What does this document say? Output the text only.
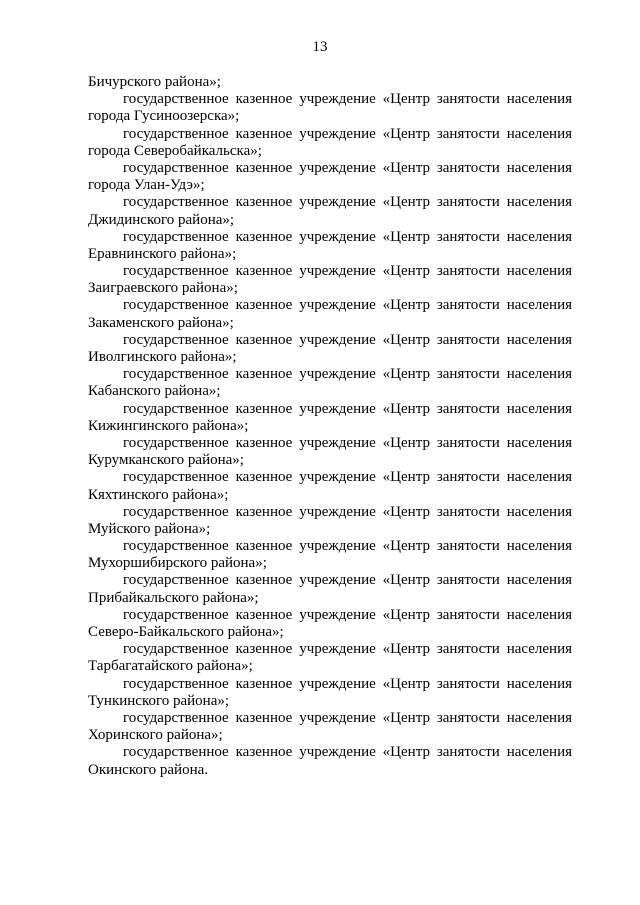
13
Бичурского района»;
государственное казенное учреждение «Центр занятости населения
города Гусиноозерска»;
государственное казенное учреждение «Центр занятости населения
города Северобайкальска»;
государственное казенное учреждение «Центр занятости населения
города Улан-Удэ»;
государственное казенное учреждение «Центр занятости населения
Джидинского района»;
государственное казенное учреждение «Центр занятости населения
Еравнинского района»;
государственное казенное учреждение «Центр занятости населения
Заиграевского района»;
государственное казенное учреждение «Центр занятости населения
Закаменского района»;
государственное казенное учреждение «Центр занятости населения
Иволгинского района»;
государственное казенное учреждение «Центр занятости населения
Кабанского района»;
государственное казенное учреждение «Центр занятости населения
Кижингинского района»;
государственное казенное учреждение «Центр занятости населения
Курумканского района»;
государственное казенное учреждение «Центр занятости населения
Кяхтинского района»;
государственное казенное учреждение «Центр занятости населения
Муйского района»;
государственное казенное учреждение «Центр занятости населения
Мухоршибирского района»;
государственное казенное учреждение «Центр занятости населения
Прибайкальского района»;
государственное казенное учреждение «Центр занятости населения
Северо-Байкальского района»;
государственное казенное учреждение «Центр занятости населения
Тарбагатайского района»;
государственное казенное учреждение «Центр занятости населения
Тункинского района»;
государственное казенное учреждение «Центр занятости населения
Хоринского района»;
государственное казенное учреждение «Центр занятости населения
Окинского района.
